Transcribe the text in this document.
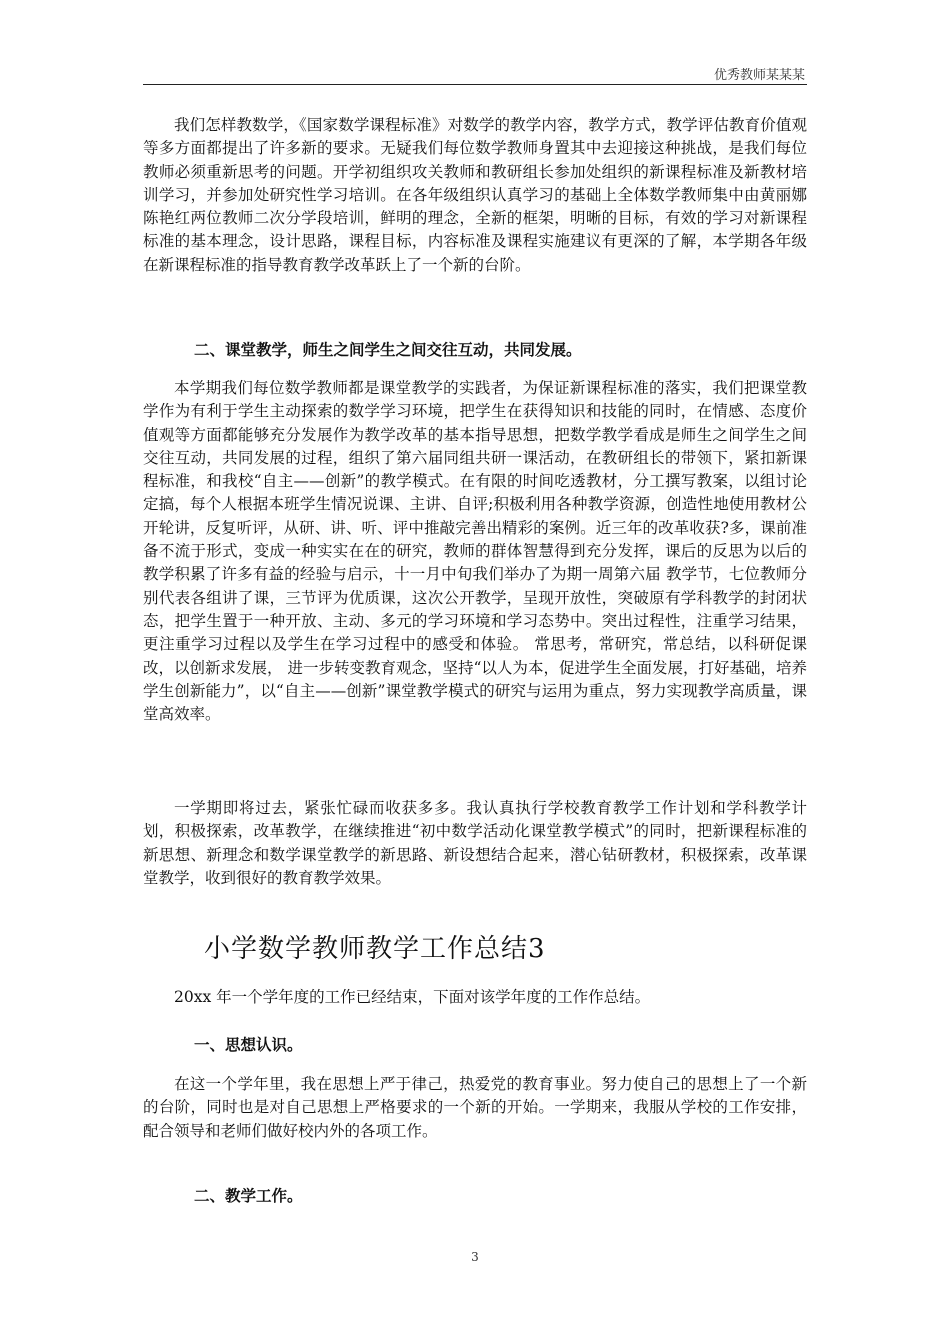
优秀教师某某某

我们怎样教数学，《国家数学课程标准》对数学的教学内容，教学方式，教学评估教育价值观等多方面都提出了许多新的要求。无疑我们每位数学教师身置其中去迎接这种挑战，是我们每位教师必须重新思考的问题。开学初组织攻关教师和教研组长参加处组织的新课程标准及新教材培训学习，并参加处研究性学习培训。在各年级组织认真学习的基础上全体数学教师集中由黄丽娜陈艳红两位教师二次分学段培训，鲜明的理念，全新的框架，明晰的目标，有效的学习对新课程标准的基本理念，设计思路，课程目标，内容标准及课程实施建议有更深的了解，本学期各年级在新课程标准的指导教育教学改革跃上了一个新的台阶。

二、课堂教学，师生之间学生之间交往互动，共同发展。

本学期我们每位数学教师都是课堂教学的实践者，为保证新课程标准的落实，我们把课堂教学作为有利于学生主动探索的数学学习环境，把学生在获得知识和技能的同时，在情感、态度价值观等方面都能够充分发展作为教学改革的基本指导思想，把数学教学看成是师生之间学生之间交往互动，共同发展的过程，组织了第六届同组共研一课活动，在教研组长的带领下，紧扣新课程标准，和我校“自主——创新”的教学模式。在有限的时间吃透教材，分工撰写教案，以组讨论定搞，每个人根据本班学生情况说课、主讲、自评;积极利用各种教学资源，创造性地使用教材公开轮讲，反复听评，从研、讲、听、评中推敲完善出精彩的案例。近三年的改革收获?多，课前准备不流于形式，变成一种实实在在的研究，教师的群体智慧得到充分发挥，课后的反思为以后的教学积累了许多有益的经验与启示，十一月中旬我们举办了为期一周第六届 教学节，七位教师分别代表各组讲了课，三节评为优质课，这次公开教学，呈现开放性，突破原有学科教学的封闭状态，把学生置于一种开放、主动、多元的学习环境和学习态势中。突出过程性，注重学习结果，更注重学习过程以及学生在学习过程中的感受和体验。 常思考，常研究，常总结，以科研促课改，以创新求发展， 进一步转变教育观念，坚持“以人为本，促进学生全面发展，打好基础，培养学生创新能力”，以“自主——创新”课堂教学模式的研究与运用为重点，努力实现教学高质量，课堂高效率。

一学期即将过去，紧张忙碌而收获多多。我认真执行学校教育教学工作计划和学科教学计划，积极探索，改革教学，在继续推进“初中数学活动化课堂教学模式”的同时，把新课程标准的新思想、新理念和数学课堂教学的新思路、新设想结合起来，潜心钻研教材，积极探索，改革课堂教学，收到很好的教育教学效果。

小学数学教师教学工作总结3

20xx 年一个学年度的工作已经结束，下面对该学年度的工作作总结。

一、思想认识。

在这一个学年里，我在思想上严于律己，热爱党的教育事业。努力使自己的思想上了一个新的台阶，同时也是对自己思想上严格要求的一个新的开始。一学期来，我服从学校的工作安排，配合领导和老师们做好校内外的各项工作。

二、教学工作。

3
